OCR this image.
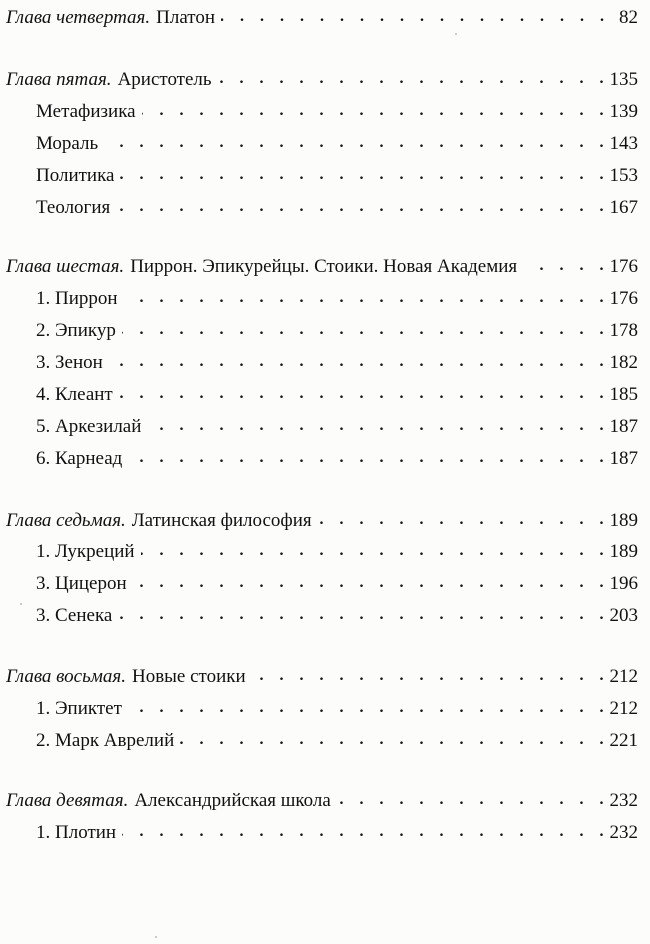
Глава четвертая. Платон .	82
Глава пятая. Аристотель .	135
Метафизика .	139
Мораль .	143
Политика .	153
Теология .	167
Глава шестая. Пиррон. Эпикурейцы. Стоики. Новая Академия .	176
1. Пиррон .	176
2. Эпикур .	178
3. Зенон .	182
4. Клеант .	185
5. Аркезилай .	187
6. Карнеад .	187
Глава седьмая. Латинская философия .	189
1. Лукреций .	189
3. Цицерон .	196
3. Сенека .	203
Глава восьмая. Новые стоики .	212
1. Эпиктет .	212
2. Марк Аврелий .	221
Глава девятая. Александрийская школа .	232
1. Плотин .	232
